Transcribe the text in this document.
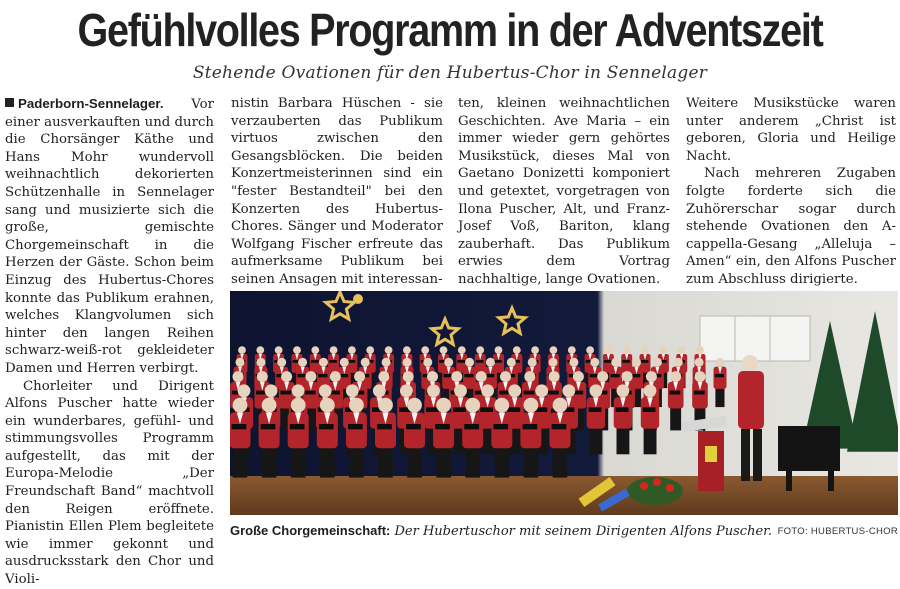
Gefühlvolles Programm in der Adventszeit
Stehende Ovationen für den Hubertus-Chor in Sennelager

Paderborn-Sennelager. Vor einer ausverkauften und durch die Chorsänger Käthe und Hans Mohr wundervoll weihnachtlich dekorierten Schützenhalle in Sennelager sang und musizierte sich die große, gemischte Chorgemeinschaft in die Herzen der Gäste. Schon beim Einzug des Hubertus-Chores konnte das Publikum erahnen, welches Klangvolumen sich hinter den langen Reihen schwarz-weiß-rot gekleideter Damen und Herren verbirgt.

Chorleiter und Dirigent Alfons Puscher hatte wieder ein wunderbares, gefühl- und stimmungsvolles Programm aufgestellt, das mit der Europa-Melodie „Der Freundschaft Band“ machtvoll den Reigen eröffnete. Pianistin Ellen Plem begleitete wie immer gekonnt und ausdrucksstark den Chor und Violi-

nistin Barbara Hüschen - sie verzauberten das Publikum virtuos zwischen den Gesangsblöcken. Die beiden Konzertmeisterinnen sind ein "fester Bestandteil" bei den Konzerten des Hubertus-Chores. Sänger und Moderator Wolfgang Fischer erfreute das aufmerksame Publikum bei seinen Ansagen mit interessan-

ten, kleinen weihnachtlichen Geschichten. Ave Maria – ein immer wieder gern gehörtes Musikstück, dieses Mal von Gaetano Donizetti komponiert und getextet, vorgetragen von Ilona Puscher, Alt, und Franz-Josef Voß, Bariton, klang zauberhaft. Das Publikum erwies dem Vortrag nachhaltige, lange Ovationen.

Weitere Musikstücke waren unter anderem „Christ ist geboren, Gloria und Heilige Nacht.

Nach mehreren Zugaben folgte forderte sich die Zuhörerschar sogar durch stehende Ovationen den A-cappella-Gesang „Alleluja – Amen“ ein, den Alfons Puscher zum Abschluss dirigierte.

Große Chorgemeinschaft: Der Hubertuschor mit seinem Dirigenten Alfons Puscher. FOTO: HUBERTUS-CHOR
